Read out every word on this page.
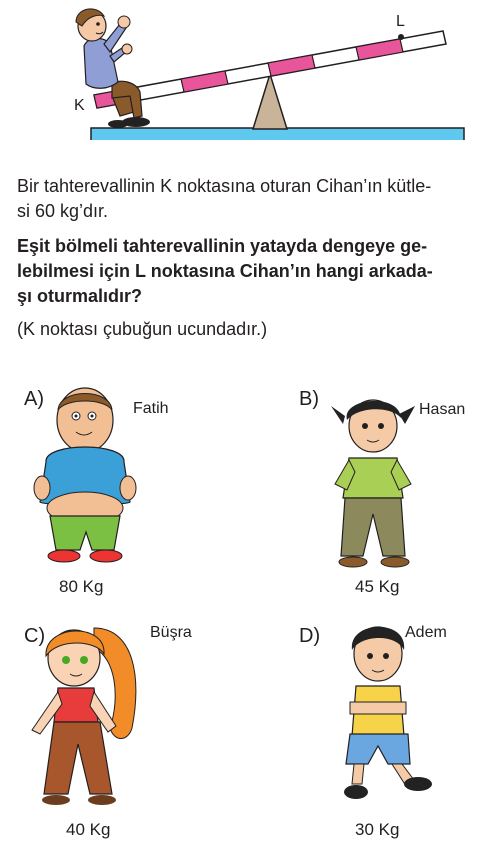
L
K

Bir tahterevallinin K noktasına oturan Cihan’ın kütle-

si 60 kg’dır.

Eşit bölmeli tahterevallinin yatayda dengeye ge-

lebilmesi için L noktasına Cihan’ın hangi arkada-

şı oturmalıdır?

(K noktası çubuğun ucundadır.)

A)	Fatih
80 Kg
B)	Hasan
45 Kg
C)	Büşra
40 Kg
D)	Adem
30 Kg
